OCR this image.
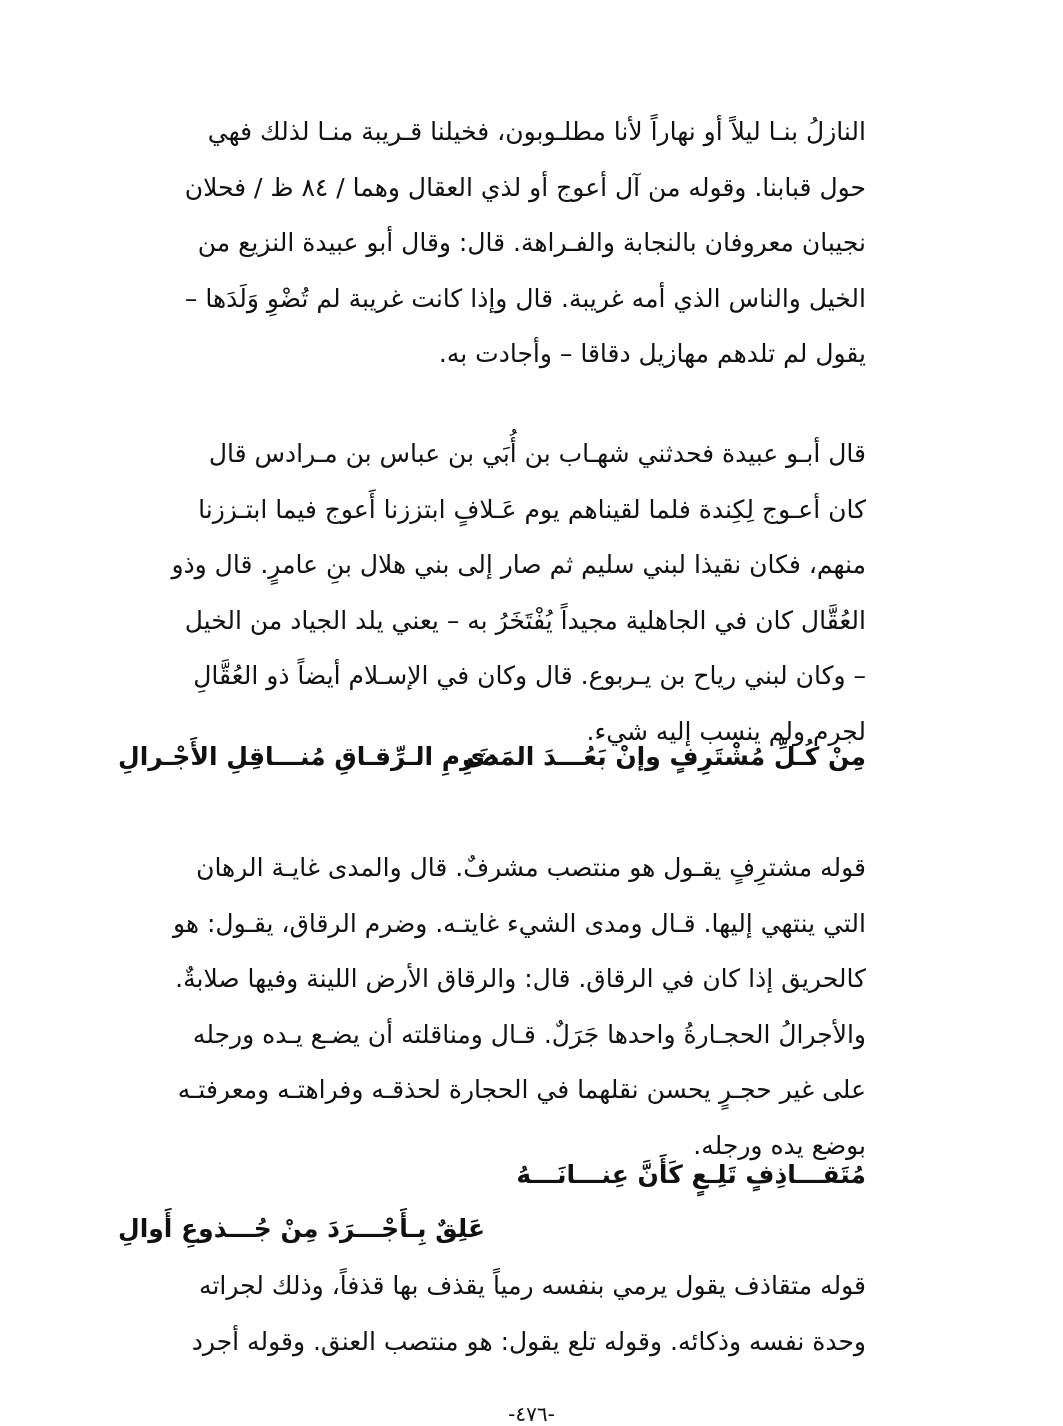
النازلُ بنـا ليلاً أو نهاراً لأنا مطلـوبون، فخيلنا قـريبة منـا لذلك فهي
حول قبابنا. وقوله من آل أعوج أو لذي العقال وهما / ٨٤ ظ / فحلان
نجيبان معروفان بالنجابة والفـراهة. قال: وقال أبو عبيدة النزيع من
الخيل والناس الذي أمه غريبة. قال وإذا كانت غريبة لم تُضْوِ وَلَدَها –
يقول لم تلدهم مهازيل دقاقا – وأجادت به.
قال أبـو عبيدة فحدثني شهـاب بن أُبَي بن عباس بن مـرادس قال
كان أعـوج لِكِندة فلما لقيناهم يوم عَـلافٍ ابتززنا أَعوج فيما ابتـززنا
منهم، فكان نقيذا لبني سليم ثم صار إلى بني هلال بنِ عامرٍ. قال وذو
العُقَّال كان في الجاهلية مجيداً يُفْتَخَرُ به – يعني يلد الجياد من الخيل
– وكان لبني رياح بن يـربوع. قال وكان في الإسـلام أيضاً ذو العُقَّالِ
لجرم ولم ينسب إليه شيء.
مِنْ كُـلِّ مُشْتَرِفٍ وإنْ بَعُـــدَ المَدى
ضَرِمِ الـرِّقـاقِ مُنـــاقِلِ الأَجْـرالِ
قوله مشترِفٍ يقـول هو منتصب مشرفٌ. قال والمدى غايـة الرهان
التي ينتهي إليها. قـال ومدى الشيء غايتـه. وضرم الرقاق، يقـول: هو
كالحريق إذا كان في الرقاق. قال: والرقاق الأرض اللينة وفيها صلابةٌ.
والأجرالُ الحجـارةُ واحدها جَرَلٌ. قـال ومناقلته أن يضـع يـده ورجله
على غير حجـرٍ يحسن نقلهما في الحجارة لحذقـه وفراهتـه ومعرفتـه
بوضع يده ورجله.
مُتَقـــاذِفٍ تَلِـعٍ كَأَنَّ عِنـــانَـــهُ
عَلِقٌ بِـأَجْـــرَدَ مِنْ جُـــذوعِ أَوالِ
قوله متقاذف يقول يرمي بنفسه رمياً يقذف بها قذفاً، وذلك لجراته
وحدة نفسه وذكائه. وقوله تلع يقول: هو منتصب العنق. وقوله أجرد
-٤٧٦-
